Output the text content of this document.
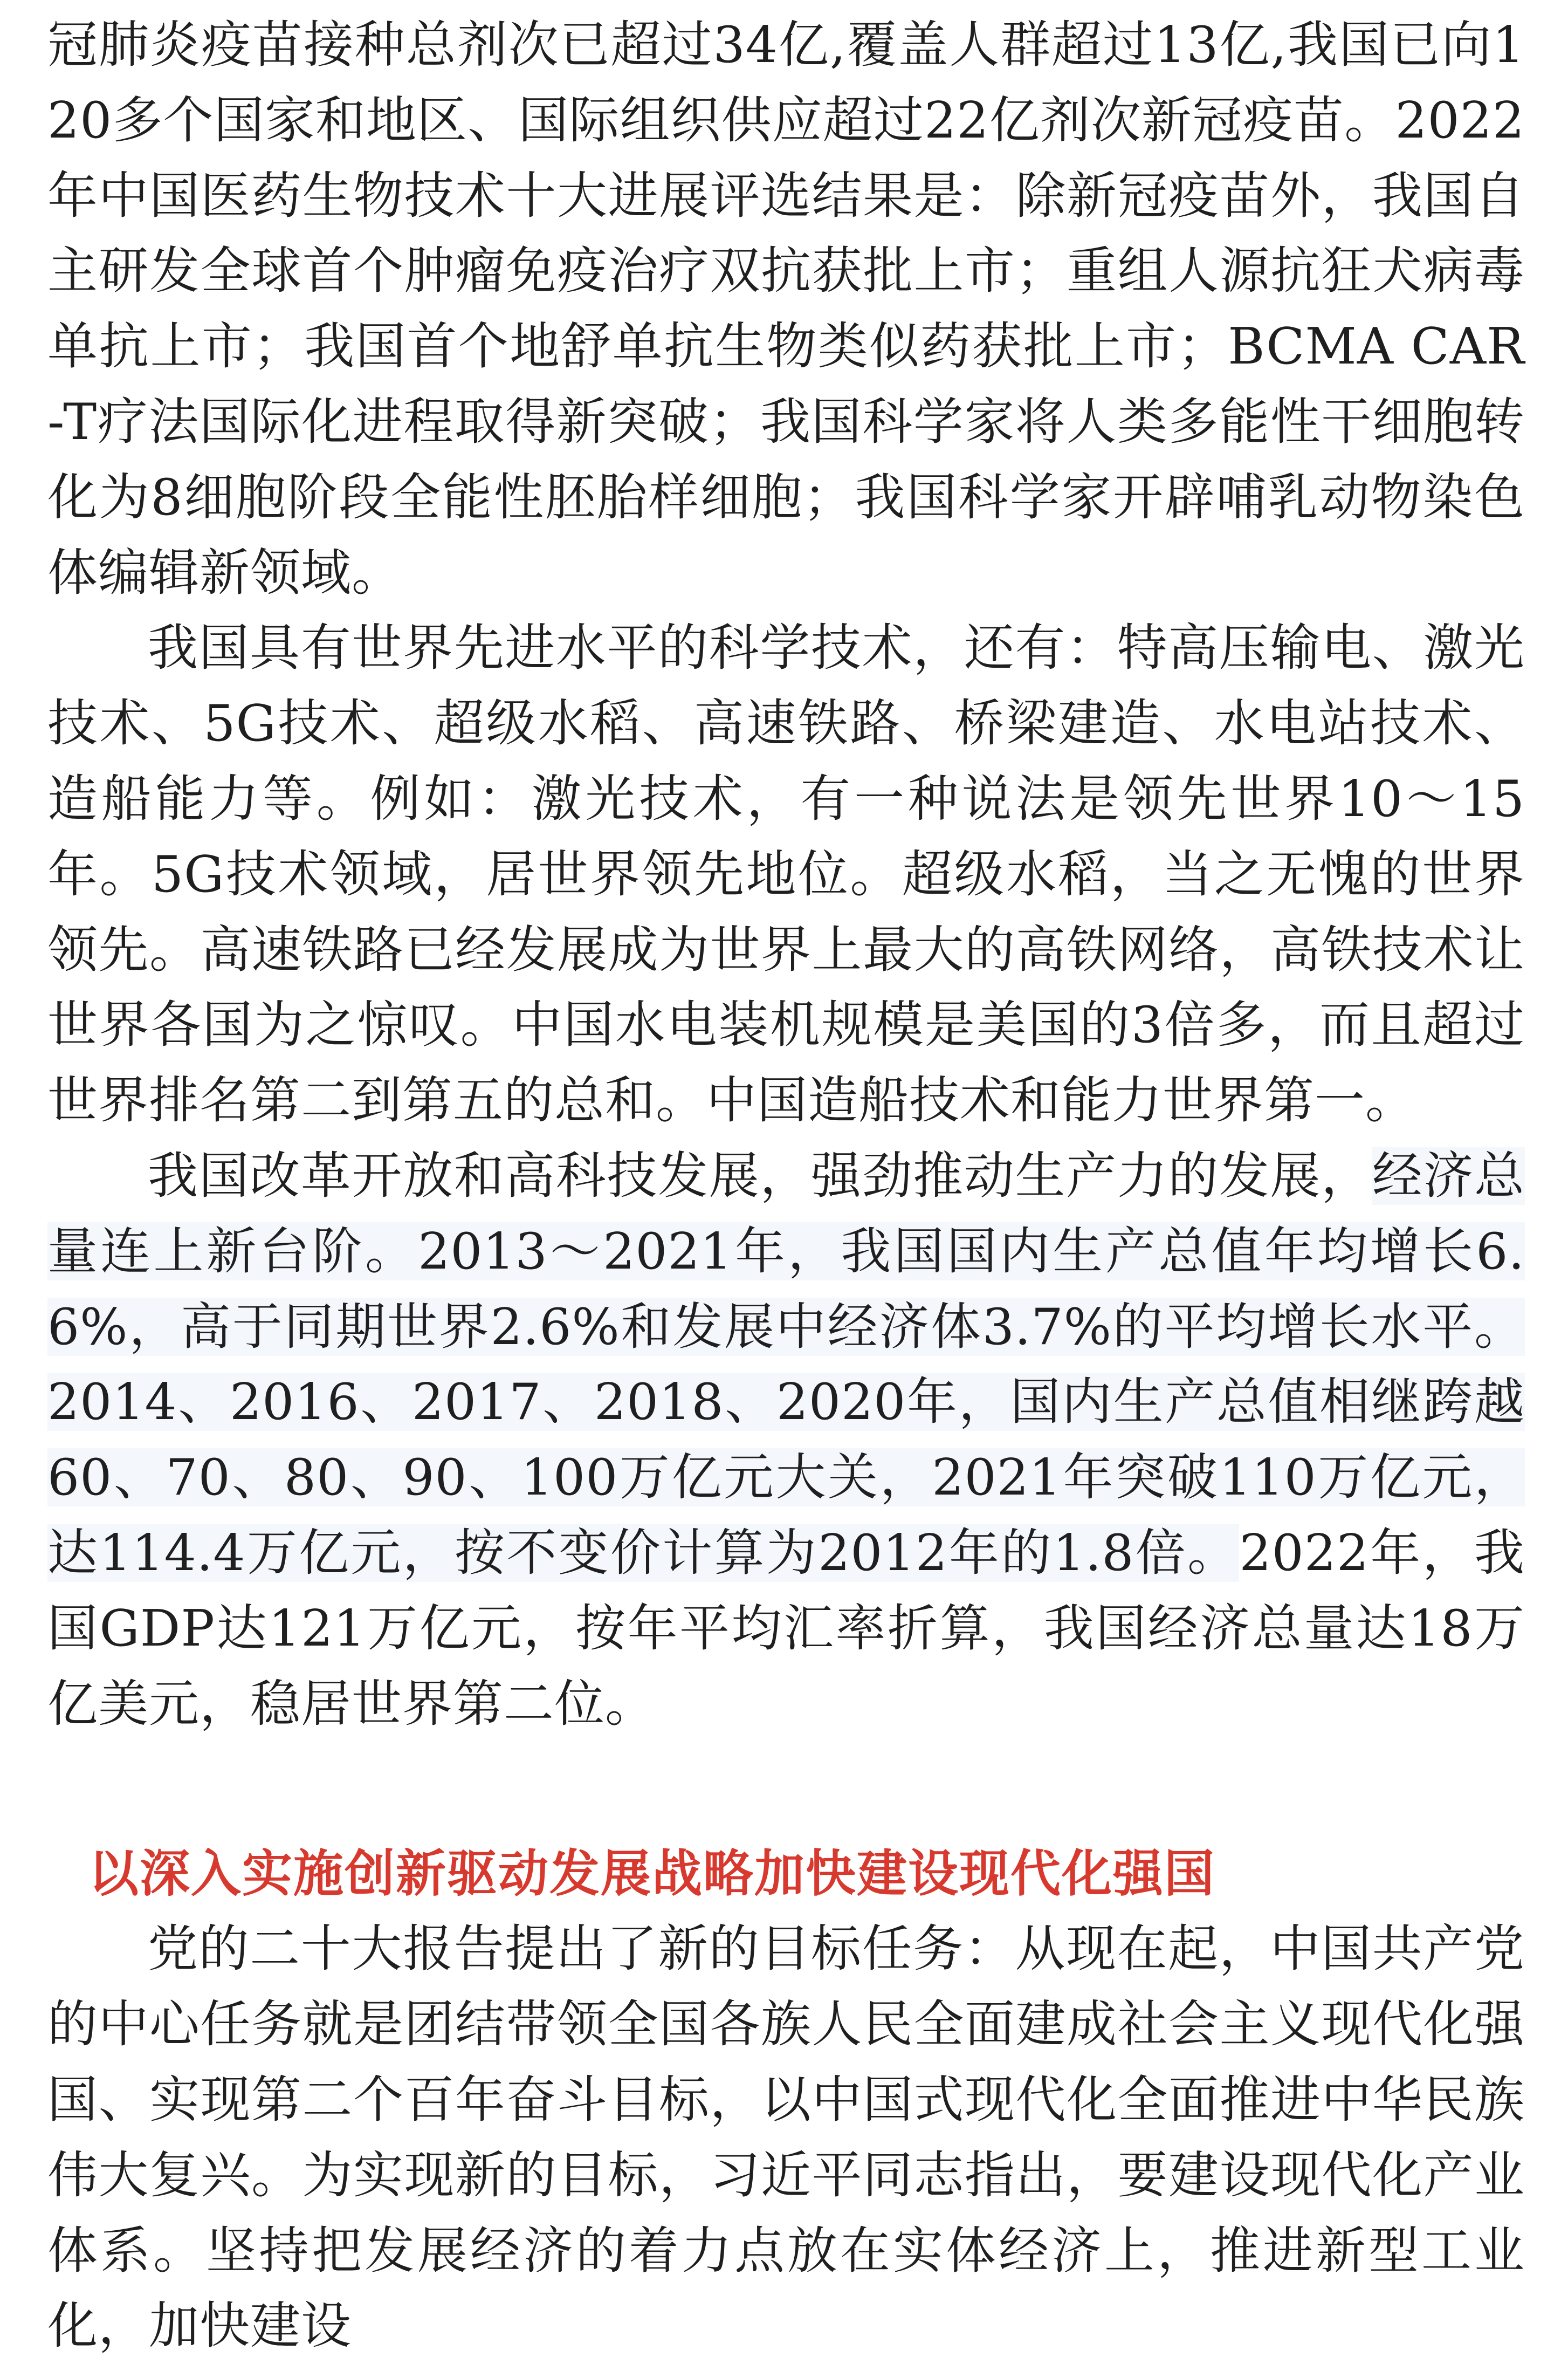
冠肺炎疫苗接种总剂次已超过34亿,覆盖人群超过13亿,我国已向120多个国家和地区、国际组织供应超过22亿剂次新冠疫苗。2022年中国医药生物技术十大进展评选结果是：除新冠疫苗外，我国自主研发全球首个肿瘤免疫治疗双抗获批上市；重组人源抗狂犬病毒单抗上市；我国首个地舒单抗生物类似药获批上市；BCMA CAR-T疗法国际化进程取得新突破；我国科学家将人类多能性干细胞转化为8细胞阶段全能性胚胎样细胞；我国科学家开辟哺乳动物染色体编辑新领域。

我国具有世界先进水平的科学技术，还有：特高压输电、激光技术、5G技术、超级水稻、高速铁路、桥梁建造、水电站技术、造船能力等。例如：激光技术，有一种说法是领先世界10～15年。5G技术领域，居世界领先地位。超级水稻，当之无愧的世界领先。高速铁路已经发展成为世界上最大的高铁网络，高铁技术让世界各国为之惊叹。中国水电装机规模是美国的3倍多，而且超过世界排名第二到第五的总和。中国造船技术和能力世界第一。

我国改革开放和高科技发展，强劲推动生产力的发展，经济总量连上新台阶。2013～2021年，我国国内生产总值年均增长6.6%，高于同期世界2.6%和发展中经济体3.7%的平均增长水平。2014、2016、2017、2018、2020年，国内生产总值相继跨越60、70、80、90、100万亿元大关，2021年突破110万亿元，达114.4万亿元，按不变价计算为2012年的1.8倍。2022年，我国GDP达121万亿元，按年平均汇率折算，我国经济总量达18万亿美元，稳居世界第二位。

以深入实施创新驱动发展战略加快建设现代化强国

党的二十大报告提出了新的目标任务：从现在起，中国共产党的中心任务就是团结带领全国各族人民全面建成社会主义现代化强国、实现第二个百年奋斗目标，以中国式现代化全面推进中华民族伟大复兴。为实现新的目标，习近平同志指出，要建设现代化产业体系。坚持把发展经济的着力点放在实体经济上，推进新型工业化，加快建设
